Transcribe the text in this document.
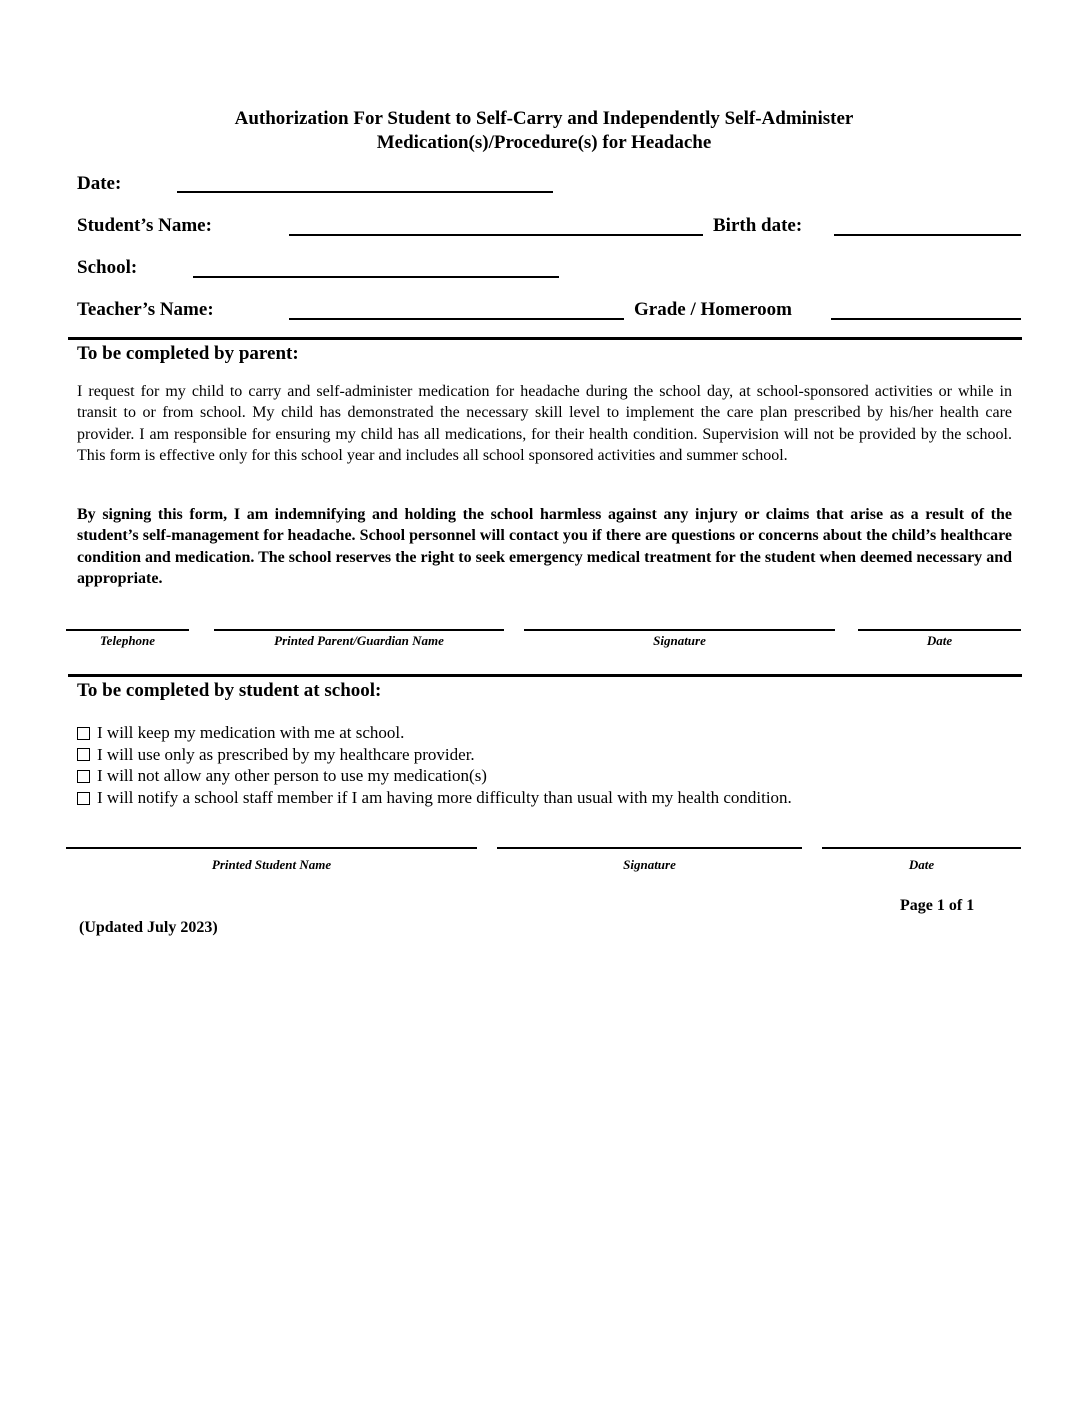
Authorization For Student to Self-Carry and Independently Self-Administer
Medication(s)/Procedure(s) for Headache
Date:
Student’s Name:	Birth date:
School:
Teacher’s Name:	Grade / Homeroom
To be completed by parent:
I request for my child to carry and self-administer medication for headache during the school day, at school-sponsored activities or while in transit to or from school. My child has demonstrated the necessary skill level to implement the care plan prescribed by his/her health care provider. I am responsible for ensuring my child has all medications, for their health condition. Supervision will not be provided by the school. This form is effective only for this school year and includes all school sponsored activities and summer school.
By signing this form, I am indemnifying and holding the school harmless against any injury or claims that arise as a result of the student’s self-management for headache. School personnel will contact you if there are questions or concerns about the child’s healthcare condition and medication. The school reserves the right to seek emergency medical treatment for the student when deemed necessary and appropriate.
Telephone	Printed Parent/Guardian Name	Signature	Date
To be completed by student at school:
I will keep my medication with me at school.
I will use only as prescribed by my healthcare provider.
I will not allow any other person to use my medication(s)
I will notify a school staff member if I am having more difficulty than usual with my health condition.
Printed Student Name	Signature	Date
Page 1 of 1
(Updated July 2023)
